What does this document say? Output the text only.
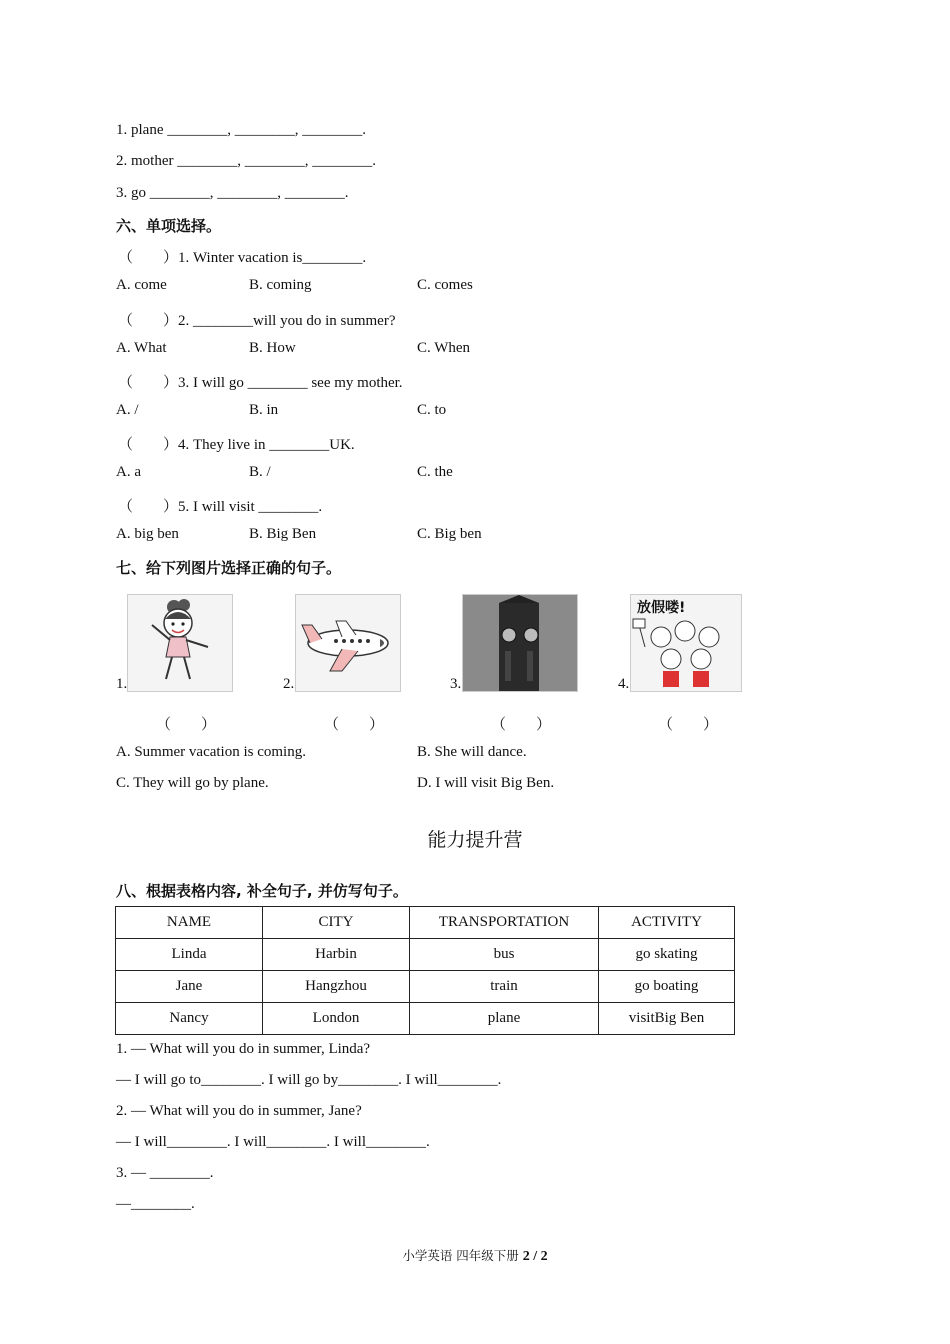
1. plane ________, ________, ________.
2. mother ________, ________, ________.
3. go ________, ________, ________.
六、单项选择。
（　　）1. Winter vacation is________.
A. come	B. coming	C. comes
（　　）2. ________will you do in summer?
A. What	B. How	C. When
（　　）3. I will go ________ see my mother.
A. /	B. in	C. to
（　　）4. They live in ________UK.
A. a	B. /	C. the
（　　）5. I will visit ________.
A. big ben	B. Big Ben	C. Big ben
七、给下列图片选择正确的句子。
1.
（　　）
2.
（　　）
3.
（　　）
4.
放假喽!
（　　）
A. Summer vacation is coming.	B. She will dance.
C. They will go by plane.	D. I will visit Big Ben.
能力提升营
八、根据表格内容, 补全句子, 并仿写句子。
NAME	CITY	TRANSPORTATION	ACTIVITY
Linda	Harbin	bus	go skating
Jane	Hangzhou	train	go boating
Nancy	London	plane	visitBig Ben
1. — What will you do in summer, Linda?
— I will go to________. I will go by________. I will________.
2. — What will you do in summer, Jane?
— I will________. I will________. I will________.
3. — ________.
—________.
小学英语 四年级下册 2 / 2
